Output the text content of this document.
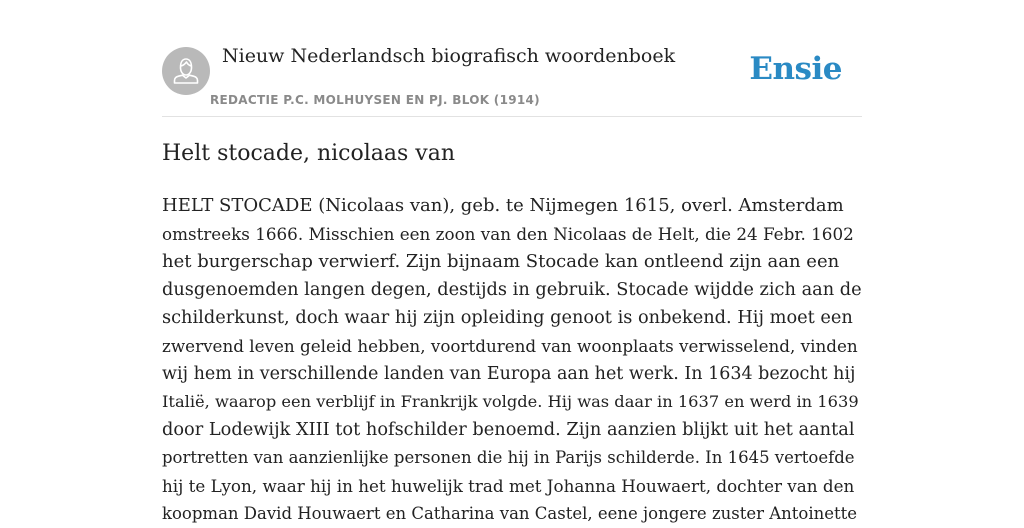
Nieuw Nederlandsch biografisch woordenboek
REDACTIE P.C. MOLHUYSEN EN PJ. BLOK (1914)
Ensie
Helt stocade, nicolaas van

HELT STOCADE (Nicolaas van), geb. te Nijmegen 1615, overl. Amsterdam
omstreeks 1666. Misschien een zoon van den Nicolaas de Helt, die 24 Febr. 1602
het burgerschap verwierf. Zijn bijnaam Stocade kan ontleend zijn aan een
dusgenoemden langen degen, destijds in gebruik. Stocade wijdde zich aan de
schilderkunst, doch waar hij zijn opleiding genoot is onbekend. Hij moet een
zwervend leven geleid hebben, voortdurend van woonplaats verwisselend, vinden
wij hem in verschillende landen van Europa aan het werk. In 1634 bezocht hij
Italië, waarop een verblijf in Frankrijk volgde. Hij was daar in 1637 en werd in 1639
door Lodewijk XIII tot hofschilder benoemd. Zijn aanzien blijkt uit het aantal
portretten van aanzienlijke personen die hij in Parijs schilderde. In 1645 vertoefde
hij te Lyon, waar hij in het huwelijk trad met Johanna Houwaert, dochter van den
koopman David Houwaert en Catharina van Castel, eene jongere zuster Antoinette
